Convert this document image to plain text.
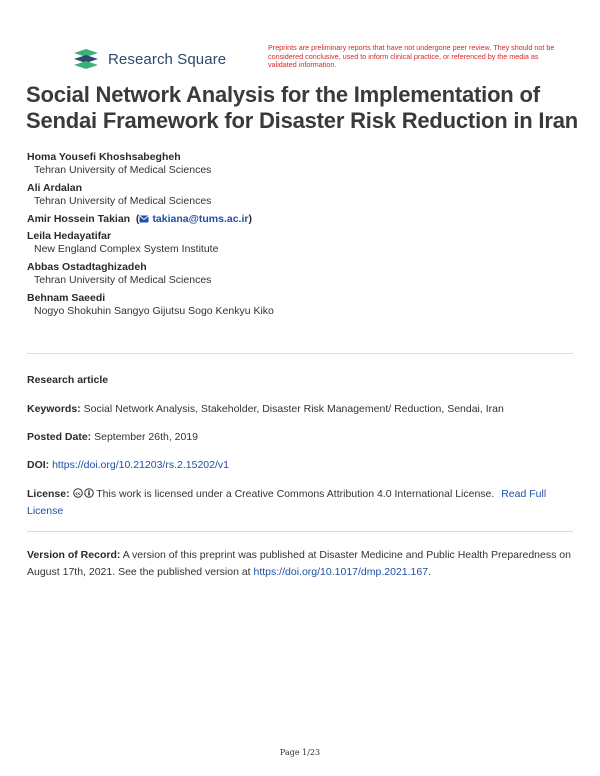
Research Square
Preprints are preliminary reports that have not undergone peer review. They should not be considered conclusive, used to inform clinical practice, or referenced by the media as validated information.
Social Network Analysis for the Implementation of Sendai Framework for Disaster Risk Reduction in Iran
Homa Yousefi Khoshsabegheh
Tehran University of Medical Sciences
Ali Ardalan
Tehran University of Medical Sciences
Amir Hossein Takian  ( takiana@tums.ac.ir)
Leila Hedayatifar
New England Complex System Institute
Abbas Ostadtaghizadeh
Tehran University of Medical Sciences
Behnam Saeedi
Nogyo Shokuhin Sangyo Gijutsu Sogo Kenkyu Kiko
Research article
Keywords: Social Network Analysis, Stakeholder, Disaster Risk Management/ Reduction, Sendai, Iran
Posted Date: September 26th, 2019
DOI: https://doi.org/10.21203/rs.2.15202/v1
License: cc This work is licensed under a Creative Commons Attribution 4.0 International License. Read Full License
Version of Record: A version of this preprint was published at Disaster Medicine and Public Health Preparedness on August 17th, 2021. See the published version at https://doi.org/10.1017/dmp.2021.167.
Page 1/23
